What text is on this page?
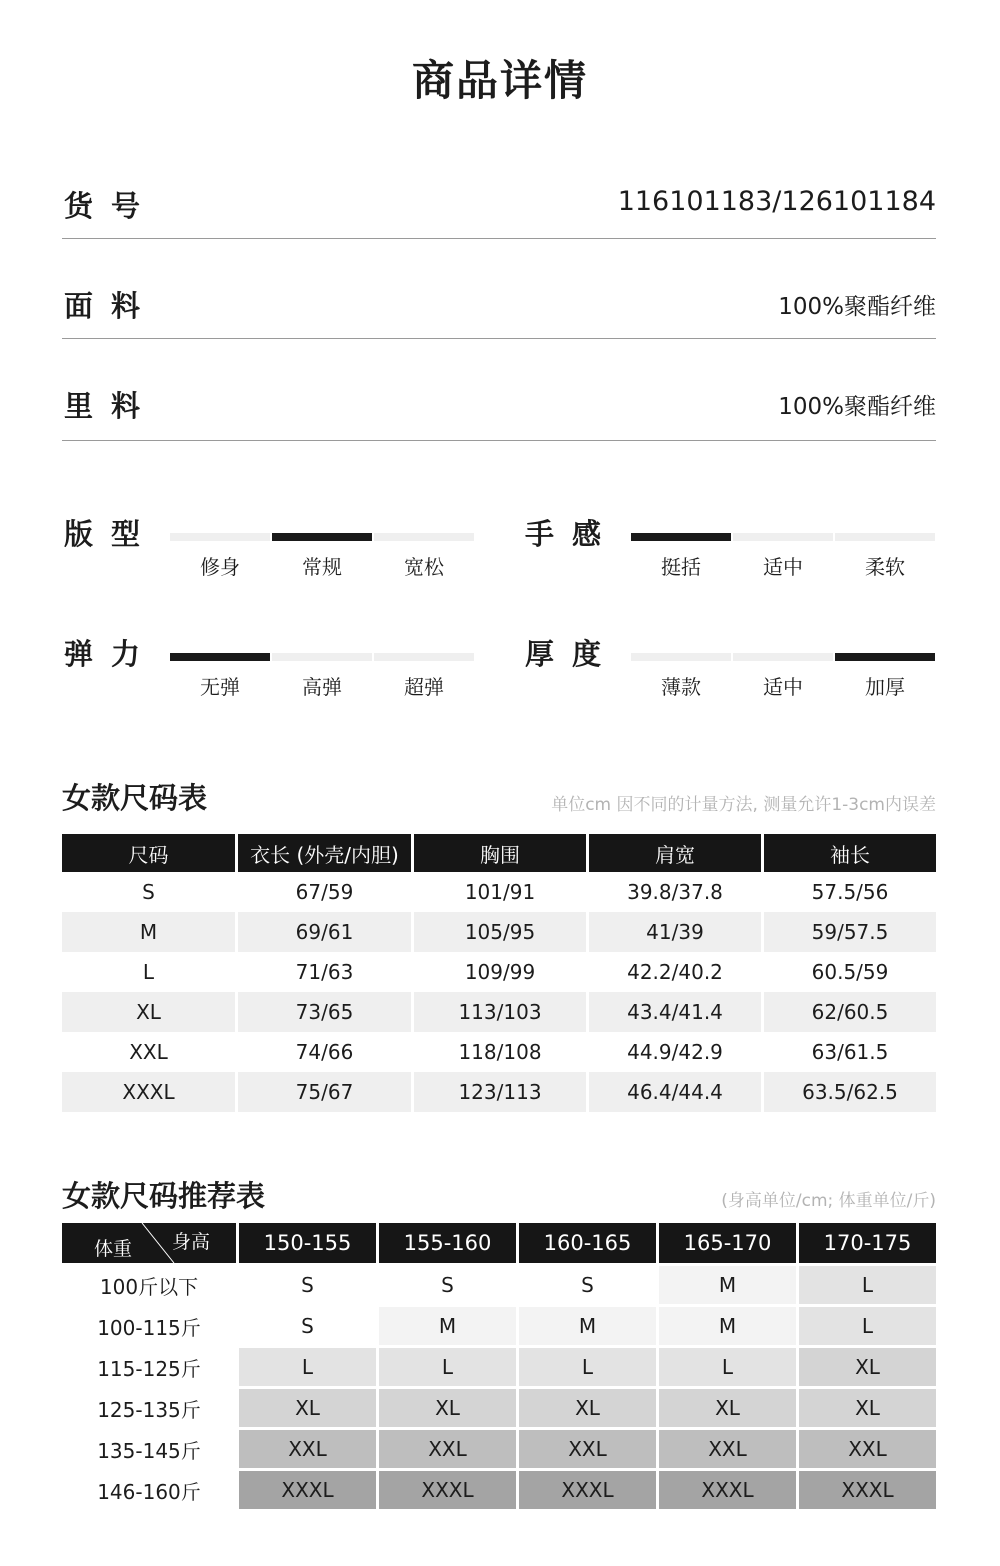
商品详情
货号	116101183/126101184
面料	100%聚酯纤维
里料	100%聚酯纤维
版型
修身	常规	宽松
手感
挺括	适中	柔软
弹力
无弹	高弹	超弹
厚度
薄款	适中	加厚
女款尺码表	单位cm 因不同的计量方法, 测量允许1-3cm内误差
尺码	衣长 (外壳/内胆)	胸围	肩宽	袖长
S	67/59	101/91	39.8/37.8	57.5/56
M	69/61	105/95	41/39	59/57.5
L	71/63	109/99	42.2/40.2	60.5/59
XL	73/65	113/103	43.4/41.4	62/60.5
XXL	74/66	118/108	44.9/42.9	63/61.5
XXXL	75/67	123/113	46.4/44.4	63.5/62.5
女款尺码推荐表	(身高单位/cm; 体重单位/斤)
身高
体重	150-155	155-160	160-165	165-170	170-175
100斤以下	S	S	S	M	L
100-115斤	S	M	M	M	L
115-125斤	L	L	L	L	XL
125-135斤	XL	XL	XL	XL	XL
135-145斤	XXL	XXL	XXL	XXL	XXL
146-160斤	XXXL	XXXL	XXXL	XXXL	XXXL
